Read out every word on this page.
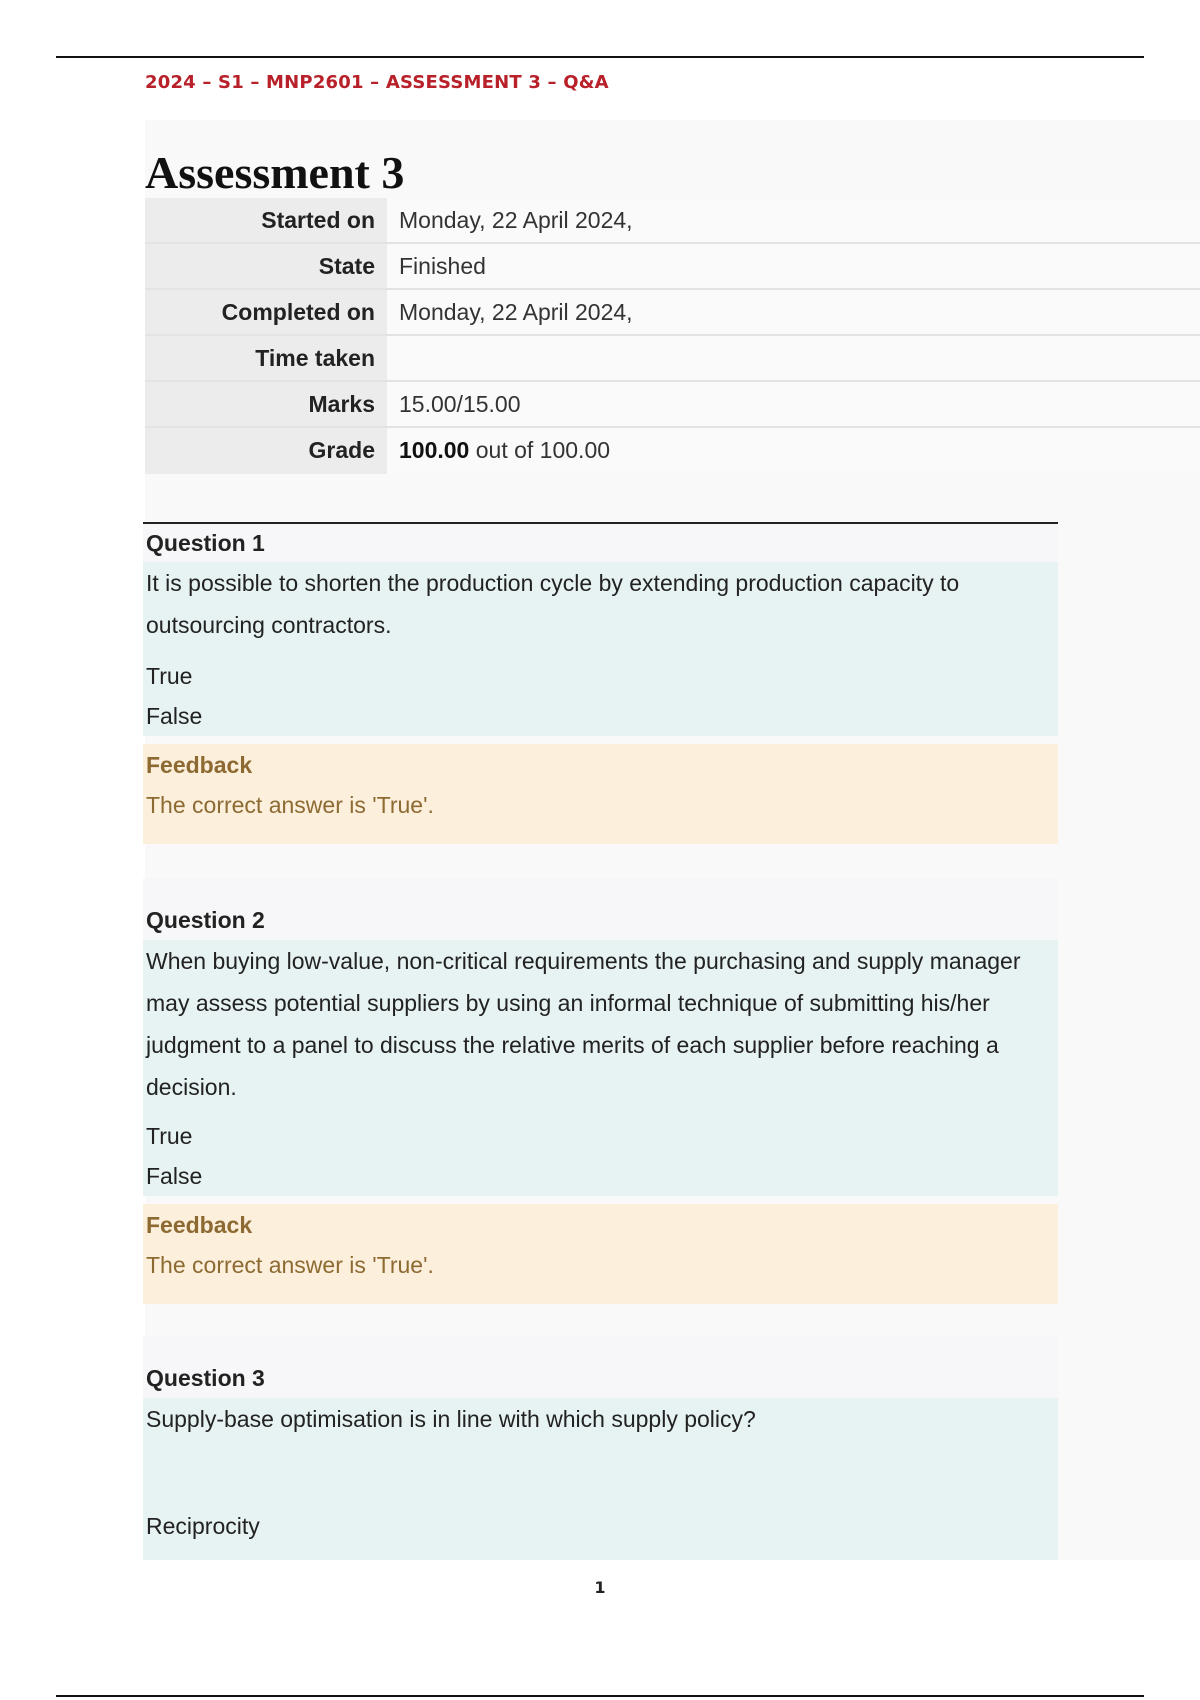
2024 – S1 – MNP2601 – ASSESSMENT 3 – Q&A
Assessment 3
Started on	Monday, 22 April 2024,
State	Finished
Completed on	Monday, 22 April 2024,
Time taken
Marks	15.00/15.00
Grade	100.00 out of 100.00
Question 1

It is possible to shorten the production cycle by extending production capacity to outsourcing contractors.

True
False
Feedback
The correct answer is 'True'.
Question 2

When buying low-value, non-critical requirements the purchasing and supply manager may assess potential suppliers by using an informal technique of submitting his/her judgment to a panel to discuss the relative merits of each supplier before reaching a decision.

True
False
Feedback
The correct answer is 'True'.
Question 3

Supply-base optimisation is in line with which supply policy?

Reciprocity
1
